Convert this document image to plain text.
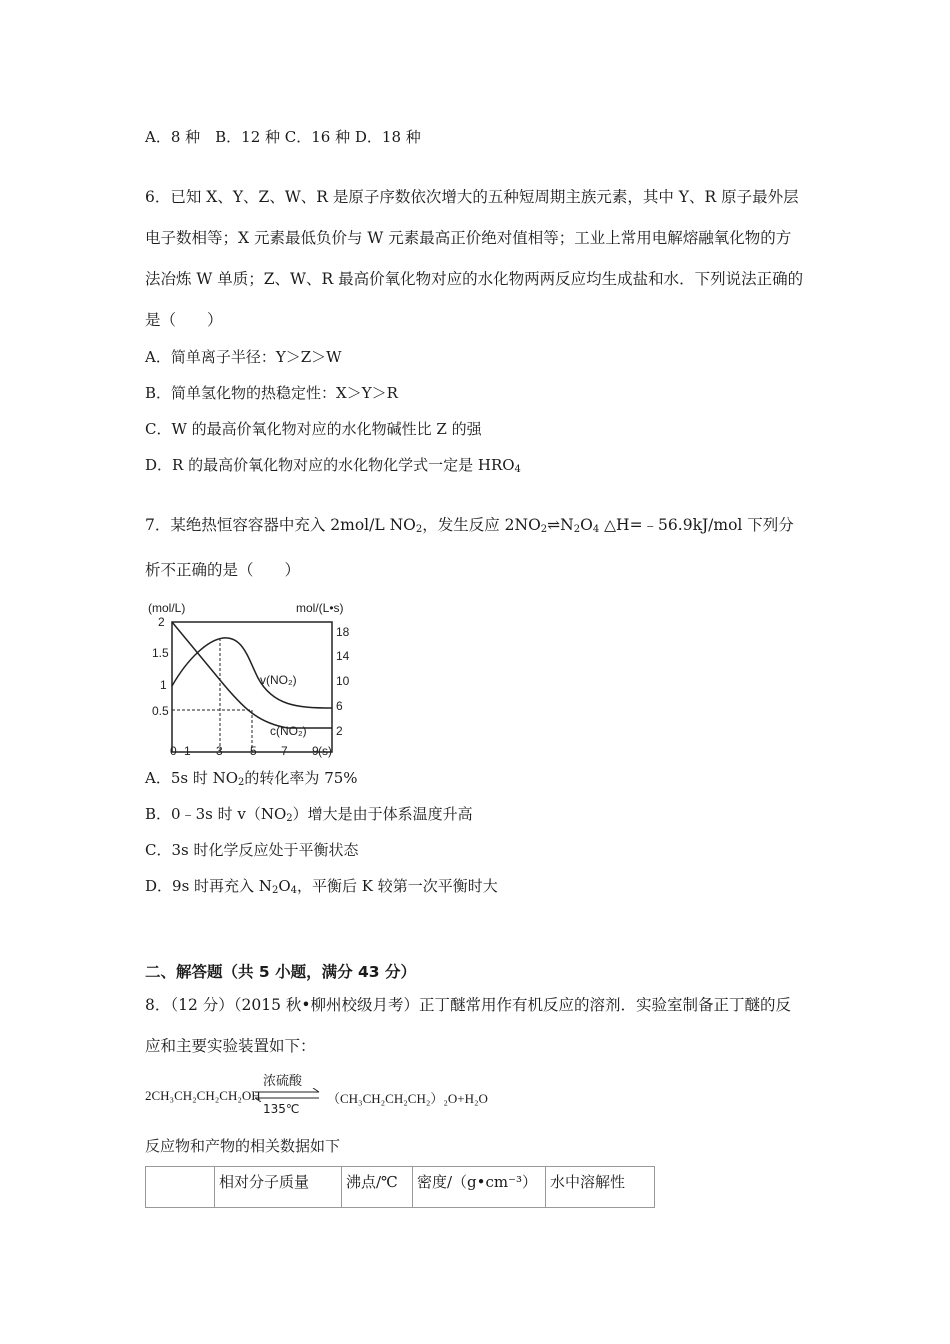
A．8 种　B．12 种 C．16 种 D．18 种
6．已知 X、Y、Z、W、R 是原子序数依次增大的五种短周期主族元素，其中 Y、R 原子最外层电子数相等；X 元素最低负价与 W 元素最高正价绝对值相等；工业上常用电解熔融氧化物的方法冶炼 W 单质；Z、W、R 最高价氧化物对应的水化物两两反应均生成盐和水．下列说法正确的是（　　）
A．简单离子半径：Y＞Z＞W
B．简单氢化物的热稳定性：X＞Y＞R
C．W 的最高价氧化物对应的水化物碱性比 Z 的强
D．R 的最高价氧化物对应的水化物化学式一定是 $HRO_4$
7．某绝热恒容容器中充入 2mol/L $NO_2$，发生反应 $2NO_2\rightleftharpoons N_2O_4$ △H=﹣56.9kJ/mol 下列分析不正确的是（　　）
(mol/L)	mol/(L•s)
2
1.5
1
0.5
18
14
10
6
2
0 1 3 5 7 9 (s)
v(NO₂)
c(NO₂)
A．5s 时 $NO_2$的转化率为 75%
B．0﹣3s 时 $v(NO_2)$增大是由于体系温度升高
C．3s 时化学反应处于平衡状态
D．9s 时再充入 $N_2O_4$，平衡后 K 较第一次平衡时大
二、解答题（共 5 小题，满分 43 分）
8．（12 分）（2015 秋•柳州校级月考）正丁醚常用作有机反应的溶剂．实验室制备正丁醚的反应和主要实验装置如下：
2CH₃CH₂CH₂CH₂OH
浓硫酸
135℃
（CH₃CH₂CH₂CH₂）₂O+H₂O
反应物和产物的相关数据如下
	相对分子质量	沸点/℃	密度/（g•cm⁻³）	水中溶解性
